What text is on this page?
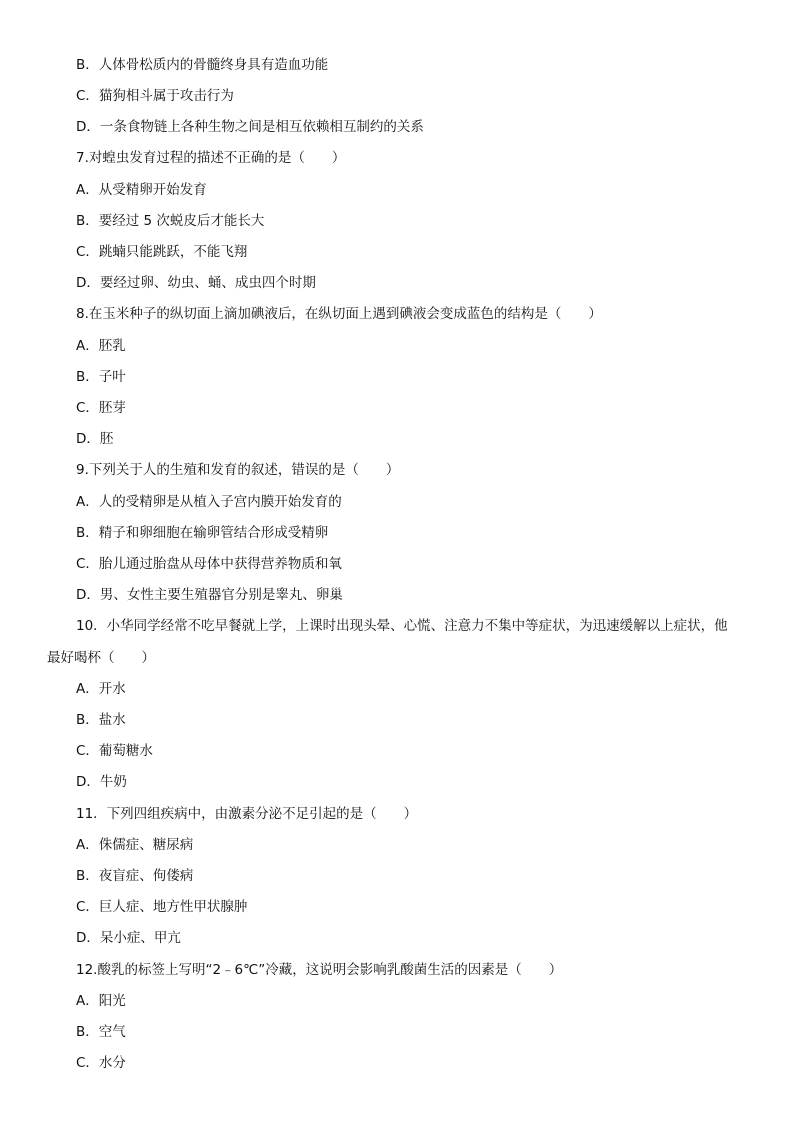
B．人体骨松质内的骨髓终身具有造血功能
C．猫狗相斗属于攻击行为
D．一条食物链上各种生物之间是相互依赖相互制约的关系
7.对蝗虫发育过程的描述不正确的是（　　）
A．从受精卵开始发育
B．要经过 5 次蜕皮后才能长大
C．跳蝻只能跳跃，不能飞翔
D．要经过卵、幼虫、蛹、成虫四个时期
8.在玉米种子的纵切面上滴加碘液后，在纵切面上遇到碘液会变成蓝色的结构是（　　）
A．胚乳
B．子叶
C．胚芽
D．胚
9.下列关于人的生殖和发育的叙述，错误的是（　　）
A．人的受精卵是从植入子宫内膜开始发育的
B．精子和卵细胞在输卵管结合形成受精卵
C．胎儿通过胎盘从母体中获得营养物质和氧
D．男、女性主要生殖器官分别是睾丸、卵巢
10．小华同学经常不吃早餐就上学，上课时出现头晕、心慌、注意力不集中等症状，为迅速缓解以上症状，他
最好喝杯（　　）
A．开水
B．盐水
C．葡萄糖水
D．牛奶
11．下列四组疾病中，由激素分泌不足引起的是（　　）
A．侏儒症、糖尿病
B．夜盲症、佝偻病
C．巨人症、地方性甲状腺肿
D．呆小症、甲亢
12.酸乳的标签上写明“2﹣6℃”冷藏，这说明会影响乳酸菌生活的因素是（　　）
A．阳光
B．空气
C．水分
